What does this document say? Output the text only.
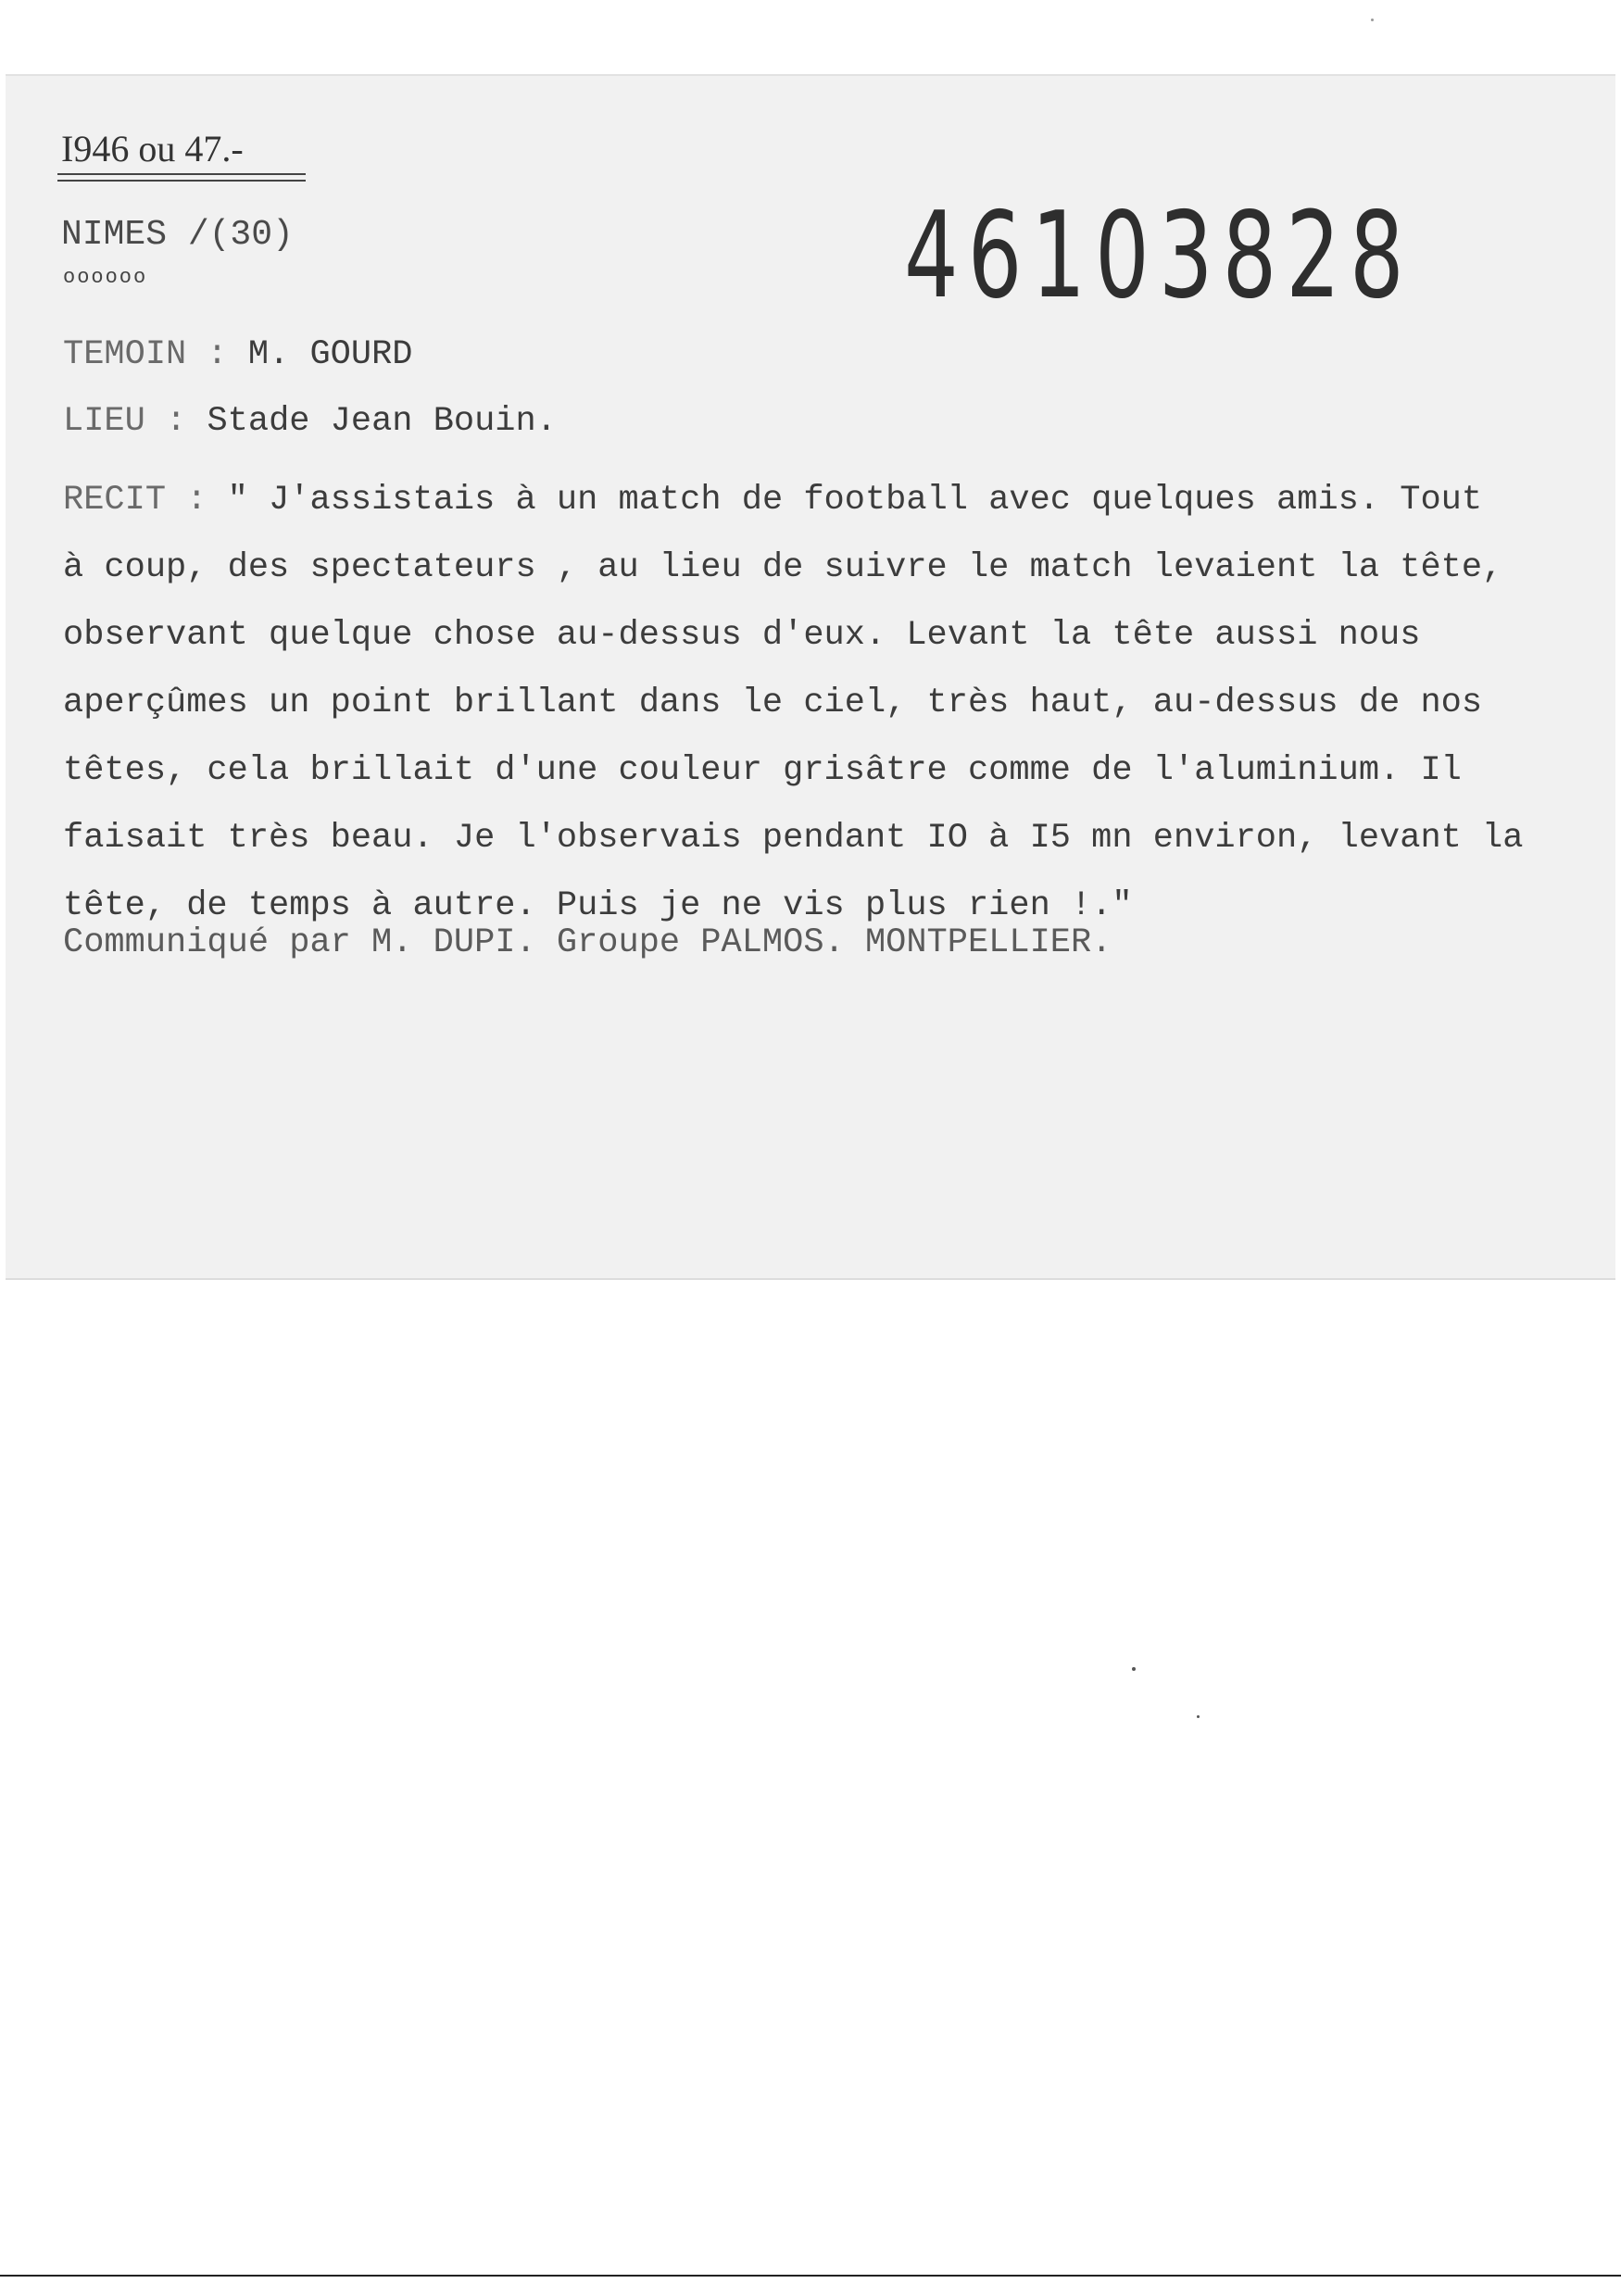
I946 ou 47.-
NIMES /(30)
oooooo	46103828
TEMOIN : M. GOURD
LIEU : Stade Jean Bouin.
RECIT : " J'assistais à un match de football avec quelques amis. Tout
à coup, des spectateurs , au lieu de suivre le match levaient la tête,
observant quelque chose au-dessus d'eux. Levant la tête aussi nous
aperçûmes un point brillant dans le ciel, très haut, au-dessus de nos
têtes, cela brillait d'une couleur grisâtre comme de l'aluminium. Il
faisait très beau. Je l'observais pendant IO à I5 mn environ, levant la
tête, de temps à autre. Puis je ne vis plus rien !."
Communiqué par M. DUPI. Groupe PALMOS. MONTPELLIER.
